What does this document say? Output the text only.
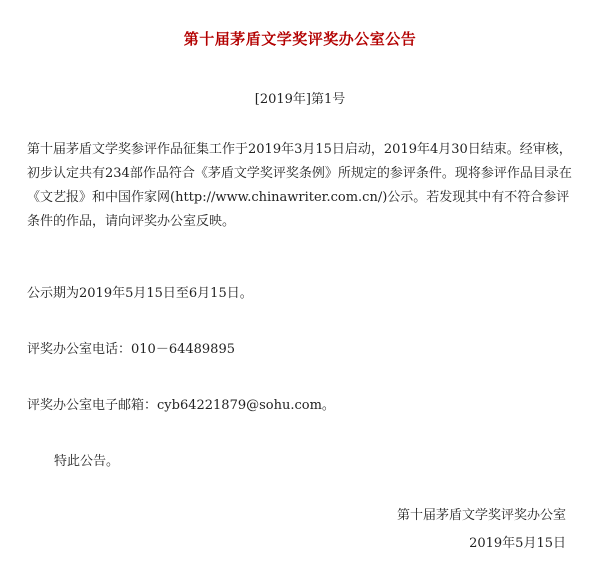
第十届茅盾文学奖评奖办公室公告
[2019年]第1号

第十届茅盾文学奖参评作品征集工作于2019年3月15日启动，2019年4月30日结束。经审核，初步认定共有234部作品符合《茅盾文学奖评奖条例》所规定的参评条件。现将参评作品目录在《文艺报》和中国作家网(http://www.chinawriter.com.cn/)公示。若发现其中有不符合参评条件的作品，请向评奖办公室反映。

公示期为2019年5月15日至6月15日。

评奖办公室电话：010－64489895

评奖办公室电子邮箱：cyb64221879@sohu.com。

特此公告。

第十届茅盾文学奖评奖办公室
2019年5月15日
